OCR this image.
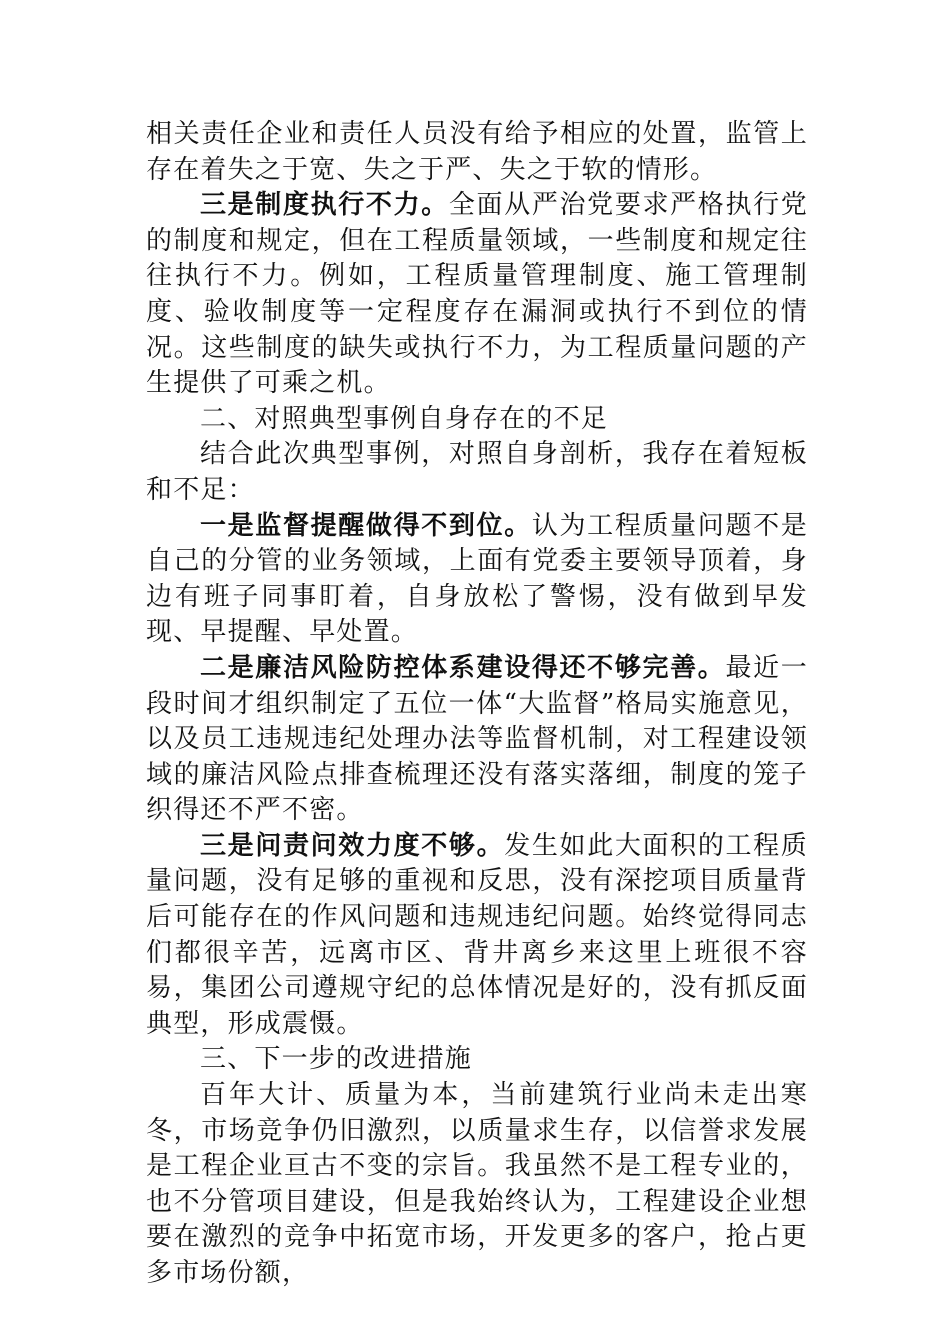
相关责任企业和责任人员没有给予相应的处置，监管上存在着失之于宽、失之于严、失之于软的情形。

三是制度执行不力。全面从严治党要求严格执行党的制度和规定，但在工程质量领域，一些制度和规定往往执行不力。例如，工程质量管理制度、施工管理制度、验收制度等一定程度存在漏洞或执行不到位的情况。这些制度的缺失或执行不力，为工程质量问题的产生提供了可乘之机。

二、对照典型事例自身存在的不足

结合此次典型事例，对照自身剖析，我存在着短板和不足：

一是监督提醒做得不到位。认为工程质量问题不是自己的分管的业务领域，上面有党委主要领导顶着，身边有班子同事盯着，自身放松了警惕，没有做到早发现、早提醒、早处置。

二是廉洁风险防控体系建设得还不够完善。最近一段时间才组织制定了五位一体“大监督”格局实施意见，以及员工违规违纪处理办法等监督机制，对工程建设领域的廉洁风险点排查梳理还没有落实落细，制度的笼子织得还不严不密。

三是问责问效力度不够。发生如此大面积的工程质量问题，没有足够的重视和反思，没有深挖项目质量背后可能存在的作风问题和违规违纪问题。始终觉得同志们都很辛苦，远离市区、背井离乡来这里上班很不容易，集团公司遵规守纪的总体情况是好的，没有抓反面典型，形成震慑。

三、下一步的改进措施

百年大计、质量为本，当前建筑行业尚未走出寒冬，市场竞争仍旧激烈，以质量求生存，以信誉求发展是工程企业亘古不变的宗旨。我虽然不是工程专业的，也不分管项目建设，但是我始终认为，工程建设企业想要在激烈的竞争中拓宽市场，开发更多的客户，抢占更多市场份额，
